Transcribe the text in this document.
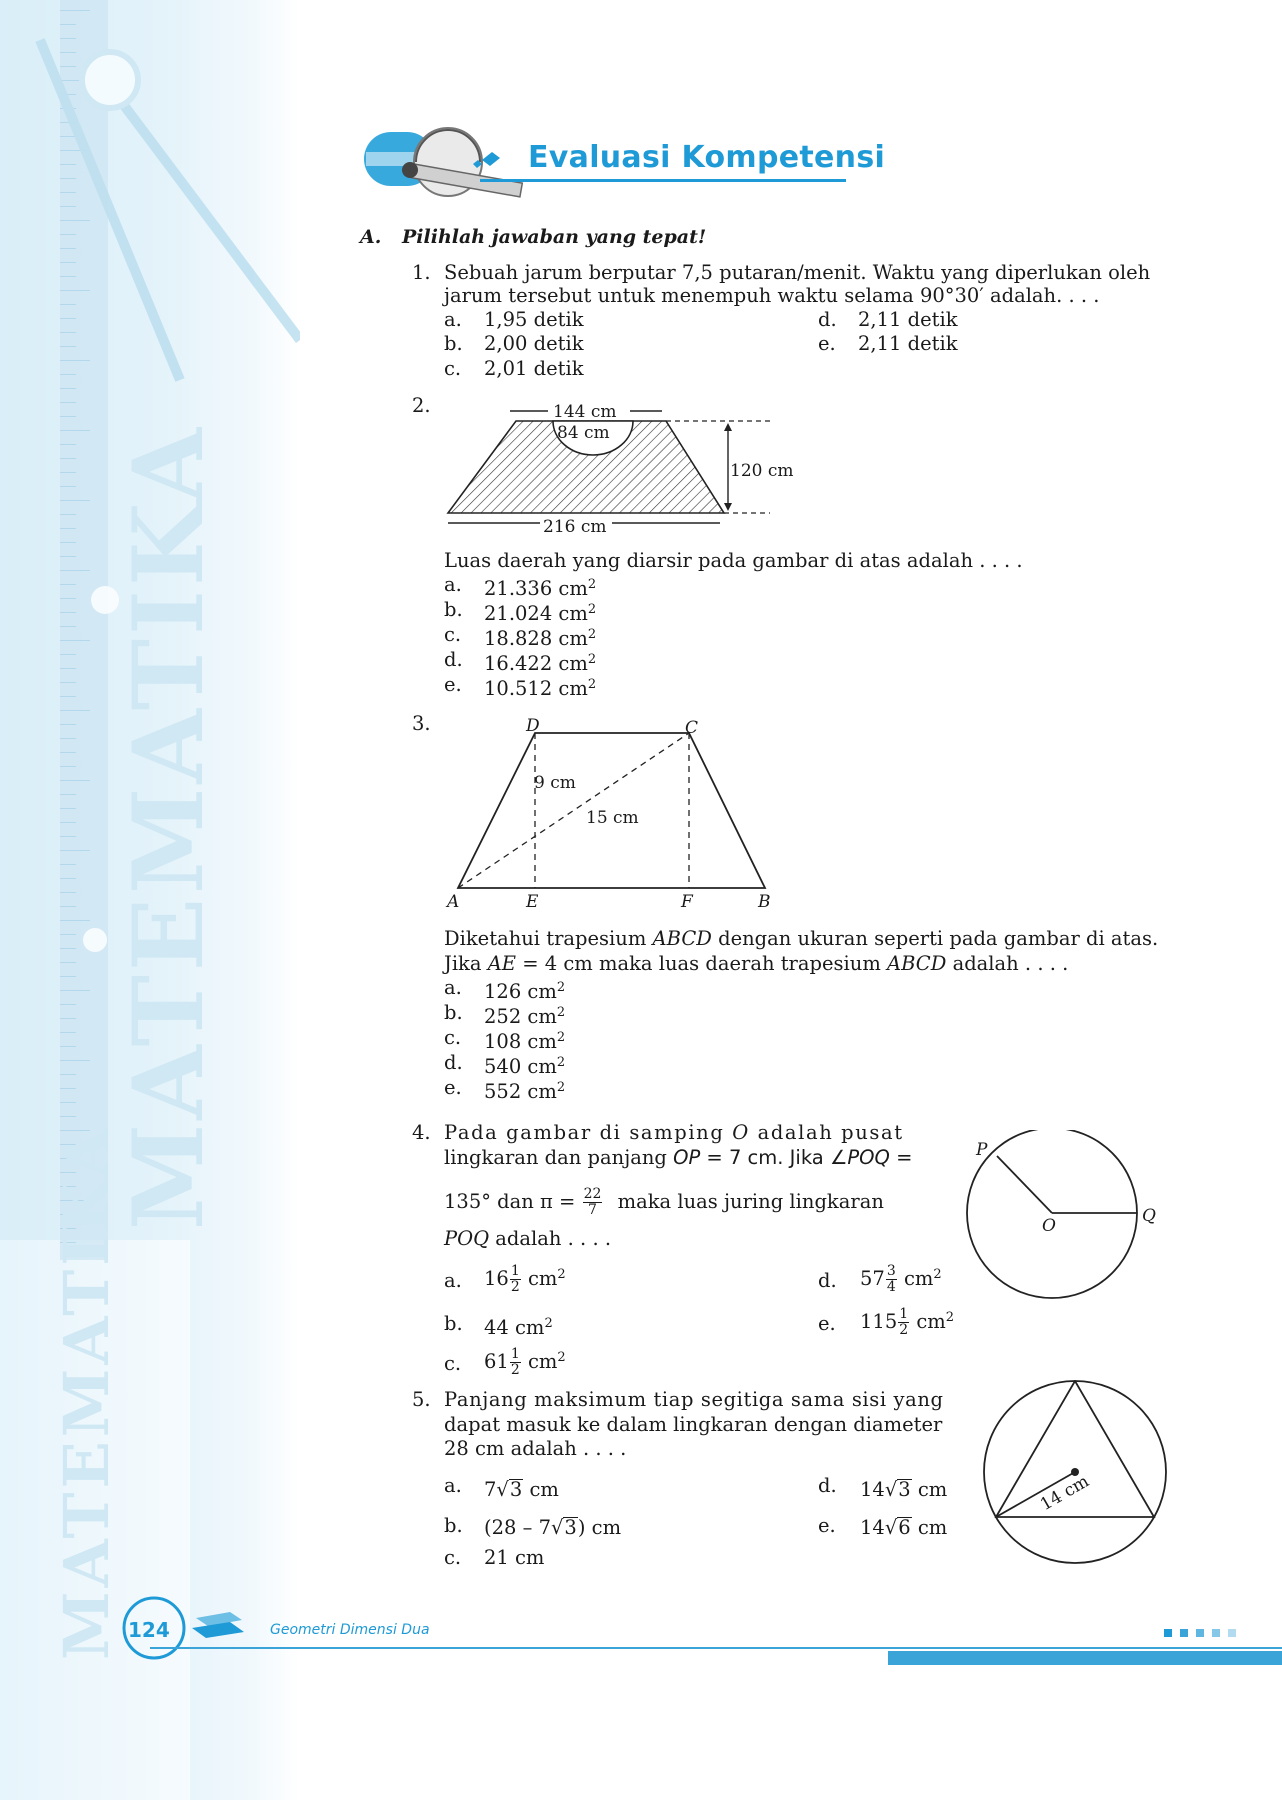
MATEMATIKA
MATEMATIKA
Evaluasi Kompetensi
A. Pilihlah jawaban yang tepat!
1. Sebuah jarum berputar 7,5 putaran/menit. Waktu yang diperlukan oleh
jarum tersebut untuk menempuh waktu selama 90°30′ adalah. . . .
a. 1,95 detik
b. 2,00 detik
c. 2,01 detik
d. 2,11 detik
e. 2,11 detik
2.	144 cm
84 cm
120 cm
216 cm
Luas daerah yang diarsir pada gambar di atas adalah . . . .
a. 21.336 $cm^2$
b. 21.024 $cm^2$
c. 18.828 $cm^2$
d. 16.422 $cm^2$
e. 10.512 $cm^2$
3.	D	C
A	E	F	B
9 cm
15 cm
Diketahui trapesium ABCD dengan ukuran seperti pada gambar di atas.
Jika AE = 4 cm maka luas daerah trapesium ABCD adalah . . . .
a. 126 $cm^2$
b. 252 $cm^2$
c. 108 $cm^2$
d. 540 $cm^2$
e. 552 $cm^2$
4. Pada gambar di samping O adalah pusat
lingkaran dan panjang OP = 7 cm. Jika ∠POQ =
135° dan $\pi = \frac{22}{7}$ maka luas juring lingkaran
POQ adalah . . . .
P
O	Q
a. $16 \frac{1}{2} cm^2$
b. 44 $cm^2$
c. $61 \frac{1}{2} cm^2$
d. $57 \frac{3}{4} cm^2$
e. $115 \frac{1}{2} cm^2$
5. Panjang maksimum tiap segitiga sama sisi yang
dapat masuk ke dalam lingkaran dengan diameter
28 cm adalah . . . .
14 cm
a. 7√3 cm
b. (28 – 7√3) cm
c. 21 cm
d. 14√3 cm
e. 14√6 cm
124	Geometri Dimensi Dua
